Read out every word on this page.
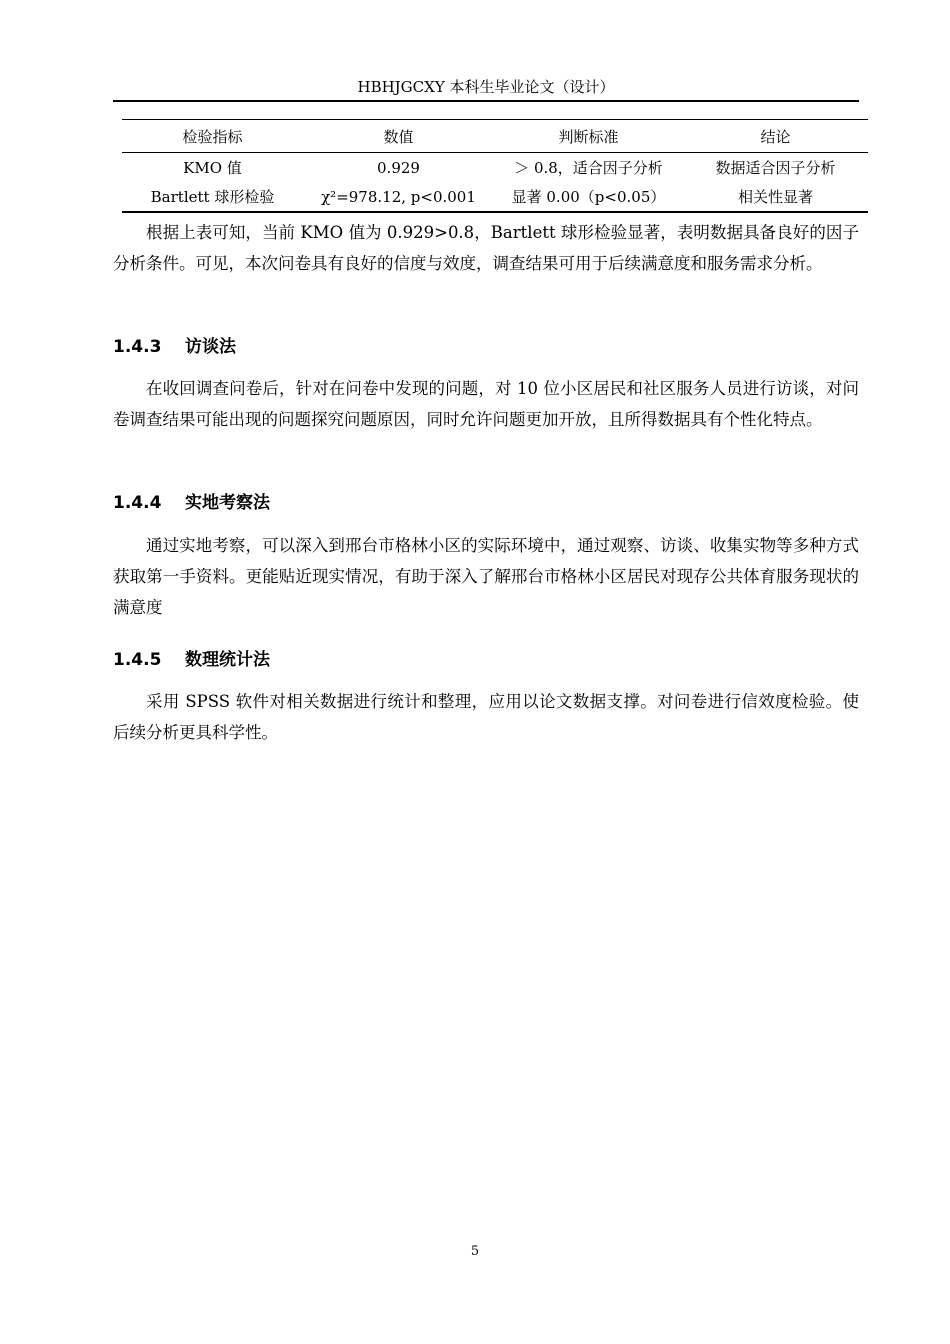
HBHJGCXY 本科生毕业论文（设计）
检验指标	数值	判断标准	结论
KMO 值	0.929	＞ 0.8，适合因子分析	数据适合因子分析
Bartlett 球形检验	χ²=978.12, p<0.001	显著 0.00（p<0.05）	相关性显著

根据上表可知，当前 KMO 值为 0.929>0.8，Bartlett 球形检验显著，表明数据具备良好的因子分析条件。可见，本次问卷具有良好的信度与效度，调查结果可用于后续满意度和服务需求分析。

1.4.3 访谈法

在收回调查问卷后，针对在问卷中发现的问题，对 10 位小区居民和社区服务人员进行访谈，对问卷调查结果可能出现的问题探究问题原因，同时允许问题更加开放，且所得数据具有个性化特点。

1.4.4 实地考察法

通过实地考察，可以深入到邢台市格林小区的实际环境中，通过观察、访谈、收集实物等多种方式获取第一手资料。更能贴近现实情况，有助于深入了解邢台市格林小区居民对现存公共体育服务现状的满意度

1.4.5 数理统计法

采用 SPSS 软件对相关数据进行统计和整理，应用以论文数据支撑。对问卷进行信效度检验。使后续分析更具科学性。

5
